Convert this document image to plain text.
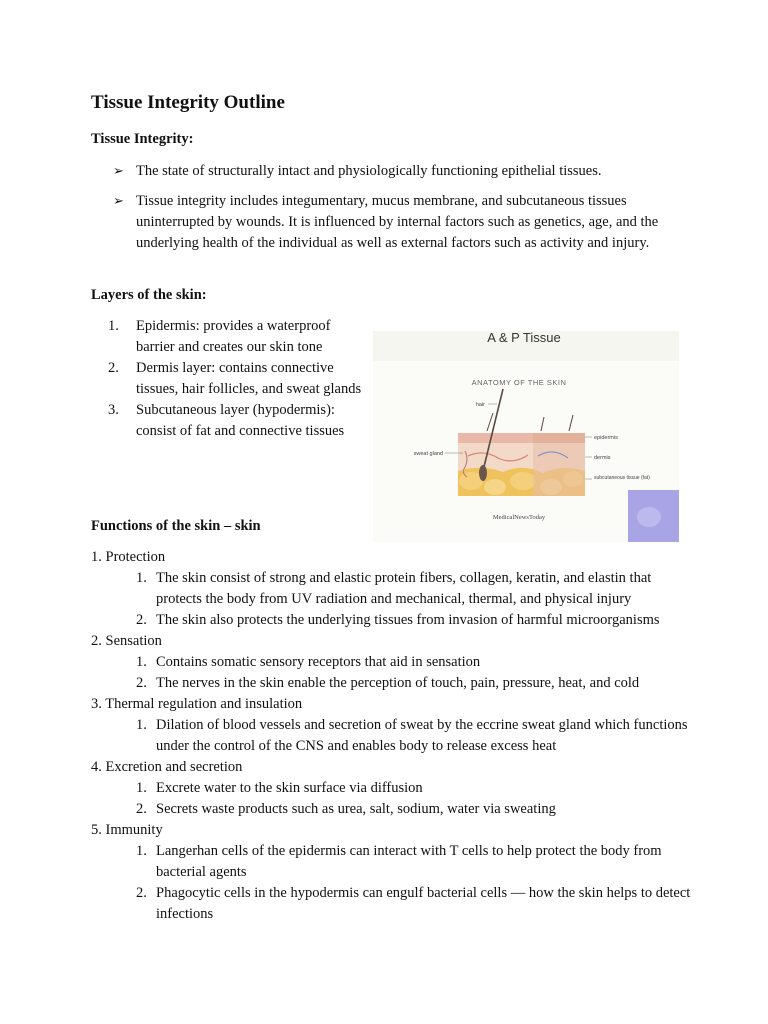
Tissue Integrity Outline
Tissue Integrity:
➢ The state of structurally intact and physiologically functioning epithelial tissues.
➢ Tissue integrity includes integumentary, mucus membrane, and subcutaneous tissues uninterrupted by wounds. It is influenced by internal factors such as genetics, age, and the underlying health of the individual as well as external factors such as activity and injury.
Layers of the skin:
1. Epidermis: provides a waterproof barrier and creates our skin tone
2. Dermis layer: contains connective tissues, hair follicles, and sweat glands
3. Subcutaneous layer (hypodermis): consist of fat and connective tissues
A & P Tissue
ANATOMY OF THE SKIN
hair
sweat gland
epidermis
dermis
subcutaneous tissue (fat)
MedicalNewsToday
Functions of the skin – skin
1. Protection
1. The skin consist of strong and elastic protein fibers, collagen, keratin, and elastin that protects the body from UV radiation and mechanical, thermal, and physical injury
2. The skin also protects the underlying tissues from invasion of harmful microorganisms
2. Sensation
1. Contains somatic sensory receptors that aid in sensation
2. The nerves in the skin enable the perception of touch, pain, pressure, heat, and cold
3. Thermal regulation and insulation
1. Dilation of blood vessels and secretion of sweat by the eccrine sweat gland which functions under the control of the CNS and enables body to release excess heat
4. Excretion and secretion
1. Excrete water to the skin surface via diffusion
2. Secrets waste products such as urea, salt, sodium, water via sweating
5. Immunity
1. Langerhan cells of the epidermis can interact with T cells to help protect the body from bacterial agents
2. Phagocytic cells in the hypodermis can engulf bacterial cells — how the skin helps to detect infections
